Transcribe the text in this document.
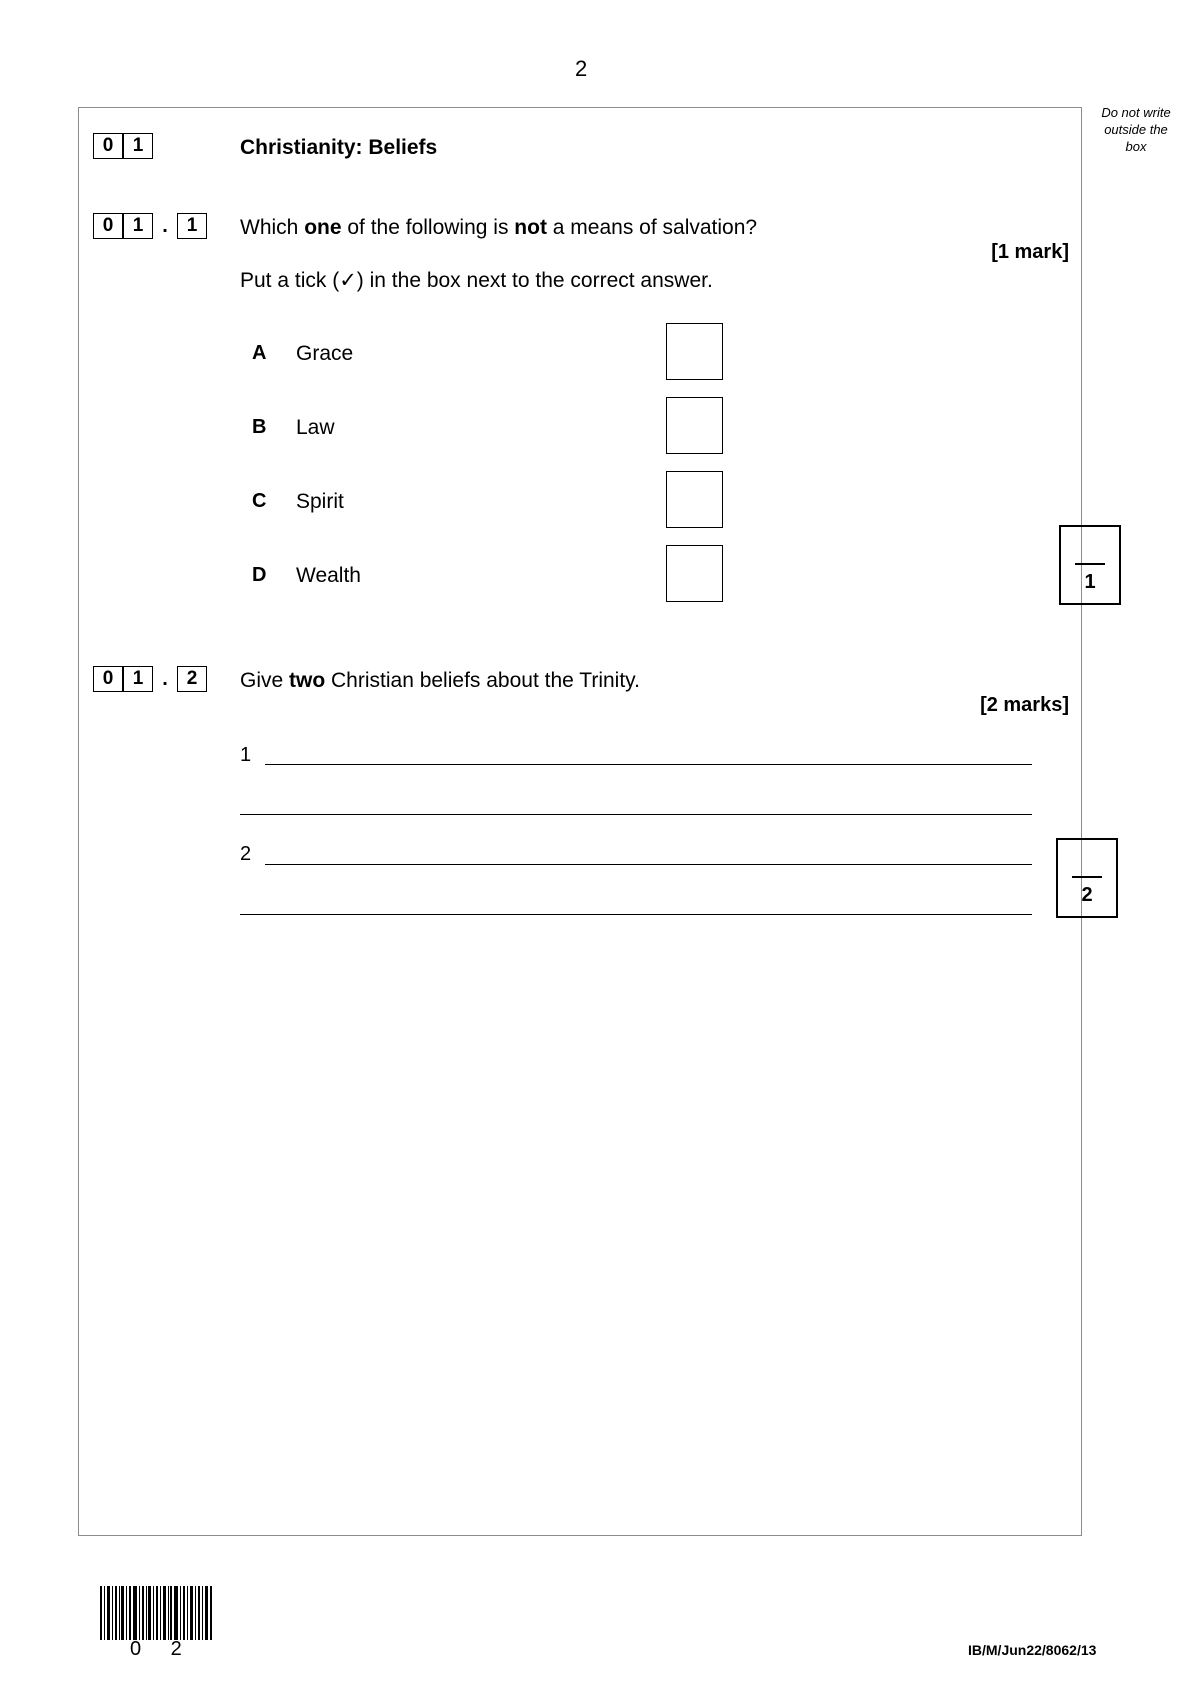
2
Do not write
outside the
box
0	1	Christianity: Beliefs
0	1 . 1	Which one of the following is not a means of salvation?
[1 mark]
Put a tick (✓) in the box next to the correct answer.
A Grace
B Law
C Spirit
D Wealth	1
0	1 . 2	Give two Christian beliefs about the Trinity.
[2 marks]
1
2
2
0 2	IB/M/Jun22/8062/13
